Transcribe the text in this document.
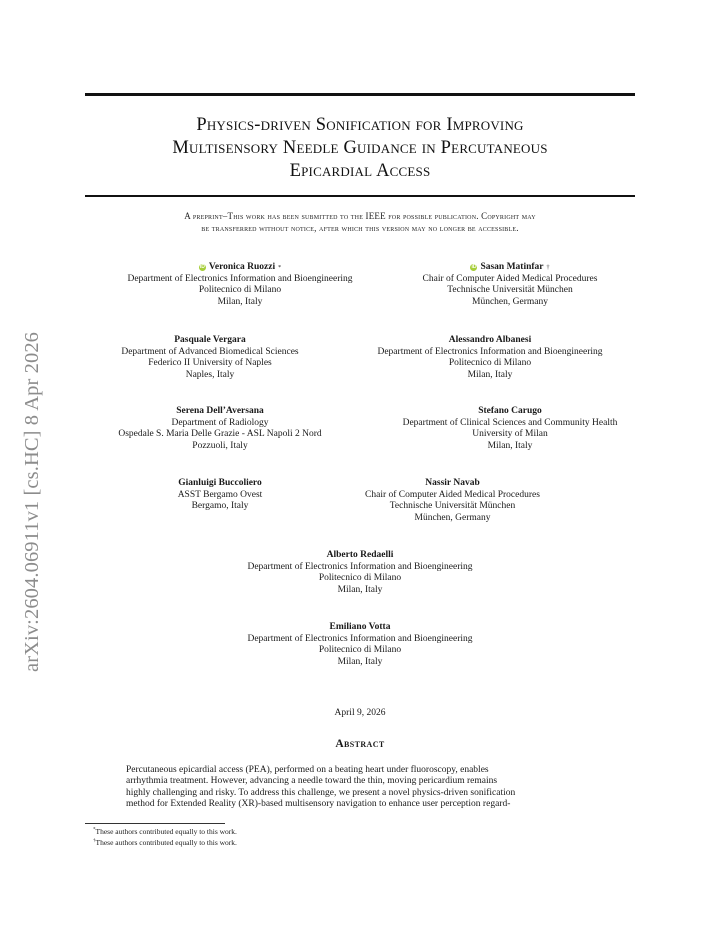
arXiv:2604.06911v1 [cs.HC] 8 Apr 2026
Physics-driven Sonification for Improving
Multisensory Needle Guidance in Percutaneous
Epicardial Access
A preprint–This work has been submitted to the IEEE for possible publication. Copyright may
be transferred without notice, after which this version may no longer be accessible.
iD Veronica Ruozzi *
Department of Electronics Information and Bioengineering
Politecnico di Milano
Milan, Italy
iD Sasan Matinfar †
Chair of Computer Aided Medical Procedures
Technische Universität München
München, Germany
Pasquale Vergara
Department of Advanced Biomedical Sciences
Federico II University of Naples
Naples, Italy
Alessandro Albanesi
Department of Electronics Information and Bioengineering
Politecnico di Milano
Milan, Italy
Serena Dell’Aversana
Department of Radiology
Ospedale S. Maria Delle Grazie - ASL Napoli 2 Nord
Pozzuoli, Italy
Stefano Carugo
Department of Clinical Sciences and Community Health
University of Milan
Milan, Italy
Gianluigi Buccoliero
ASST Bergamo Ovest
Bergamo, Italy
Nassir Navab
Chair of Computer Aided Medical Procedures
Technische Universität München
München, Germany
Alberto Redaelli
Department of Electronics Information and Bioengineering
Politecnico di Milano
Milan, Italy
Emiliano Votta
Department of Electronics Information and Bioengineering
Politecnico di Milano
Milan, Italy
April 9, 2026
Abstract
Percutaneous epicardial access (PEA), performed on a beating heart under fluoroscopy, enables
arrhythmia treatment. However, advancing a needle toward the thin, moving pericardium remains
highly challenging and risky. To address this challenge, we present a novel physics-driven sonification
method for Extended Reality (XR)-based multisensory navigation to enhance user perception regard-
*These authors contributed equally to this work.
†These authors contributed equally to this work.
